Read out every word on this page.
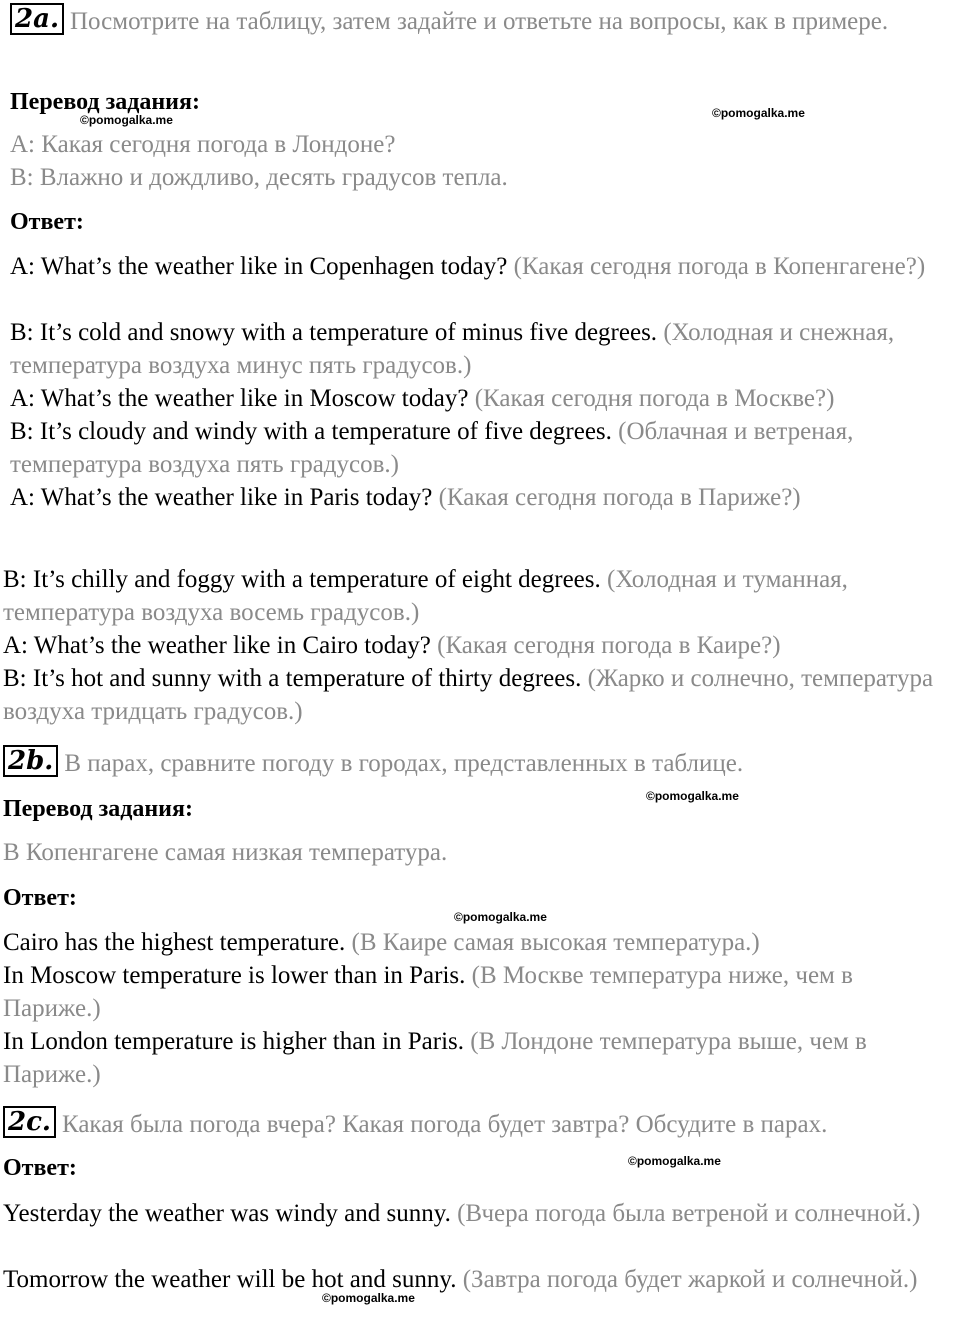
2a. Посмотрите на таблицу, затем задайте и ответьте на вопросы, как в примере.

Перевод задания:

©pomogalka.me	©pomogalka.me

A: Какая сегодня погода в Лондоне?

B: Влажно и дождливо, десять градусов тепла.

Ответ:

A: What’s the weather like in Copenhagen today? (Какая сегодня погода в Копенгагене?)

B: It’s cold and snowy with a temperature of minus five degrees. (Холодная и снежная, температура воздуха минус пять градусов.)

A: What’s the weather like in Moscow today? (Какая сегодня погода в Москве?)

B: It’s cloudy and windy with a temperature of five degrees. (Облачная и ветреная, температура воздуха пять градусов.)

A: What’s the weather like in Paris today? (Какая сегодня погода в Париже?)

B: It’s chilly and foggy with a temperature of eight degrees. (Холодная и туманная, температура воздуха восемь градусов.)

A: What’s the weather like in Cairo today? (Какая сегодня погода в Каире?)

B: It’s hot and sunny with a temperature of thirty degrees. (Жарко и солнечно, температура воздуха тридцать градусов.)

2b. В парах, сравните погоду в городах, представленных в таблице.

Перевод задания:	©pomogalka.me

В Копенгагене самая низкая температура.

Ответ:

©pomogalka.me

Cairo has the highest temperature. (В Каире самая высокая температура.)

In Moscow temperature is lower than in Paris. (В Москве температура ниже, чем в Париже.)

In London temperature is higher than in Paris. (В Лондоне температура выше, чем в Париже.)

2c. Какая была погода вчера? Какая погода будет завтра? Обсудите в парах.

Ответ:	©pomogalka.me

Yesterday the weather was windy and sunny. (Вчера погода была ветреной и солнечной.)

Tomorrow the weather will be hot and sunny. (Завтра погода будет жаркой и солнечной.)

©pomogalka.me
